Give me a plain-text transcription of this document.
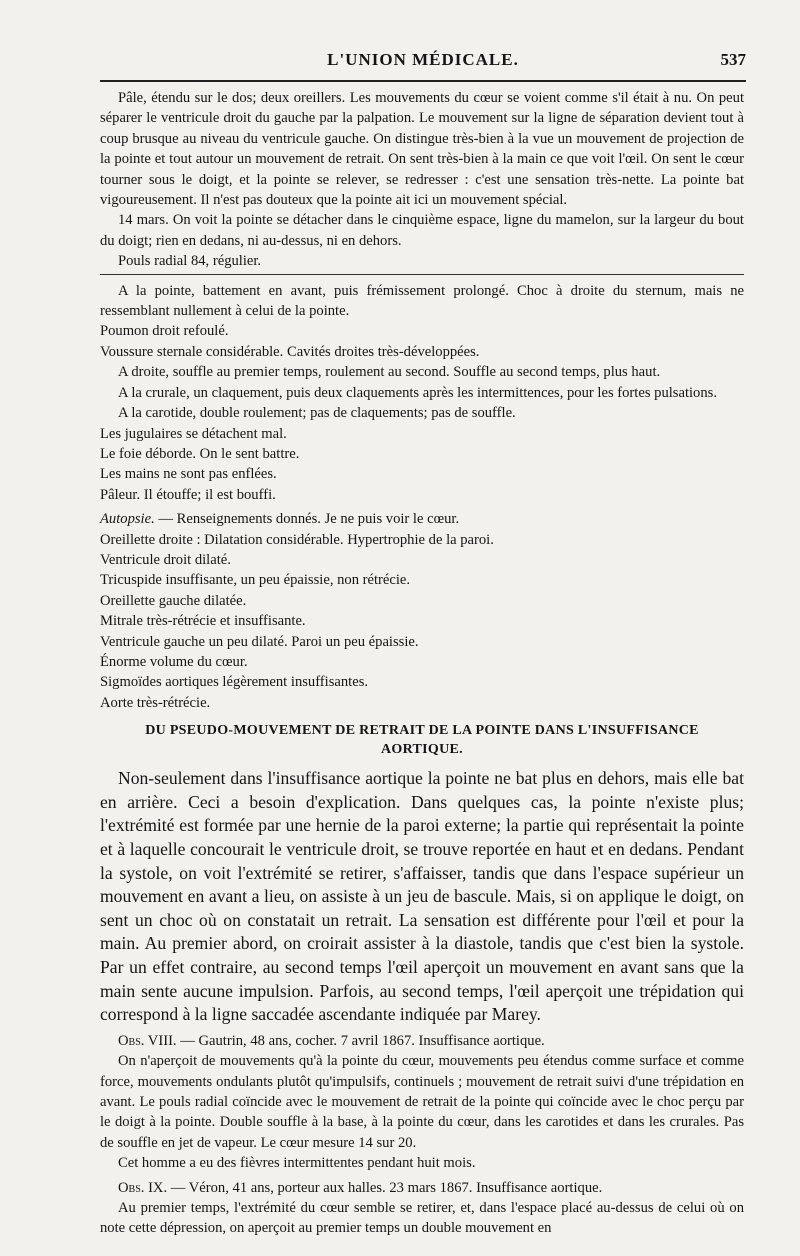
L'UNION MÉDICALE.	537

Pâle, étendu sur le dos; deux oreillers. Les mouvements du cœur se voient comme s'il était à nu. On peut séparer le ventricule droit du gauche par la palpation. Le mouvement sur la ligne de séparation devient tout à coup brusque au niveau du ventricule gauche. On distingue très-bien à la vue un mouvement de projection de la pointe et tout autour un mouvement de retrait. On sent très-bien à la main ce que voit l'œil. On sent le cœur tourner sous le doigt, et la pointe se relever, se redresser : c'est une sensation très-nette. La pointe bat vigoureusement. Il n'est pas douteux que la pointe ait ici un mouvement spécial.

14 mars. On voit la pointe se détacher dans le cinquième espace, ligne du mamelon, sur la largeur du bout du doigt; rien en dedans, ni au-dessus, ni en dehors.

Pouls radial 84, régulier.

A la pointe, battement en avant, puis frémissement prolongé. Choc à droite du sternum, mais ne ressemblant nullement à celui de la pointe.

Poumon droit refoulé.

Voussure sternale considérable. Cavités droites très-développées.

A droite, souffle au premier temps, roulement au second. Souffle au second temps, plus haut.

A la crurale, un claquement, puis deux claquements après les intermittences, pour les fortes pulsations.

A la carotide, double roulement; pas de claquements; pas de souffle.

Les jugulaires se détachent mal.

Le foie déborde. On le sent battre.

Les mains ne sont pas enflées.

Pâleur. Il étouffe; il est bouffi.

Autopsie. — Renseignements donnés. Je ne puis voir le cœur.

Oreillette droite : Dilatation considérable. Hypertrophie de la paroi.

Ventricule droit dilaté.

Tricuspide insuffisante, un peu épaissie, non rétrécie.

Oreillette gauche dilatée.

Mitrale très-rétrécie et insuffisante.

Ventricule gauche un peu dilaté. Paroi un peu épaissie.

Énorme volume du cœur.

Sigmoïdes aortiques légèrement insuffisantes.

Aorte très-rétrécie.

DU PSEUDO-MOUVEMENT DE RETRAIT DE LA POINTE DANS L'INSUFFISANCE AORTIQUE.

Non-seulement dans l'insuffisance aortique la pointe ne bat plus en dehors, mais elle bat en arrière. Ceci a besoin d'explication. Dans quelques cas, la pointe n'existe plus; l'extrémité est formée par une hernie de la paroi externe; la partie qui représentait la pointe et à laquelle concourait le ventricule droit, se trouve reportée en haut et en dedans. Pendant la systole, on voit l'extrémité se retirer, s'affaisser, tandis que dans l'espace supérieur un mouvement en avant a lieu, on assiste à un jeu de bascule. Mais, si on applique le doigt, on sent un choc où on constatait un retrait. La sensation est différente pour l'œil et pour la main. Au premier abord, on croirait assister à la diastole, tandis que c'est bien la systole. Par un effet contraire, au second temps l'œil aperçoit un mouvement en avant sans que la main sente aucune impulsion. Parfois, au second temps, l'œil aperçoit une trépidation qui correspond à la ligne saccadée ascendante indiquée par Marey.

Obs. VIII. — Gautrin, 48 ans, cocher. 7 avril 1867. Insuffisance aortique.

On n'aperçoit de mouvements qu'à la pointe du cœur, mouvements peu étendus comme surface et comme force, mouvements ondulants plutôt qu'impulsifs, continuels ; mouvement de retrait suivi d'une trépidation en avant. Le pouls radial coïncide avec le mouvement de retrait de la pointe qui coïncide avec le choc perçu par le doigt à la pointe. Double souffle à la base, à la pointe du cœur, dans les carotides et dans les crurales. Pas de souffle en jet de vapeur. Le cœur mesure 14 sur 20.

Cet homme a eu des fièvres intermittentes pendant huit mois.

Obs. IX. — Véron, 41 ans, porteur aux halles. 23 mars 1867. Insuffisance aortique.

Au premier temps, l'extrémité du cœur semble se retirer, et, dans l'espace placé au-dessus de celui où on note cette dépression, on aperçoit au premier temps un double mouvement en
